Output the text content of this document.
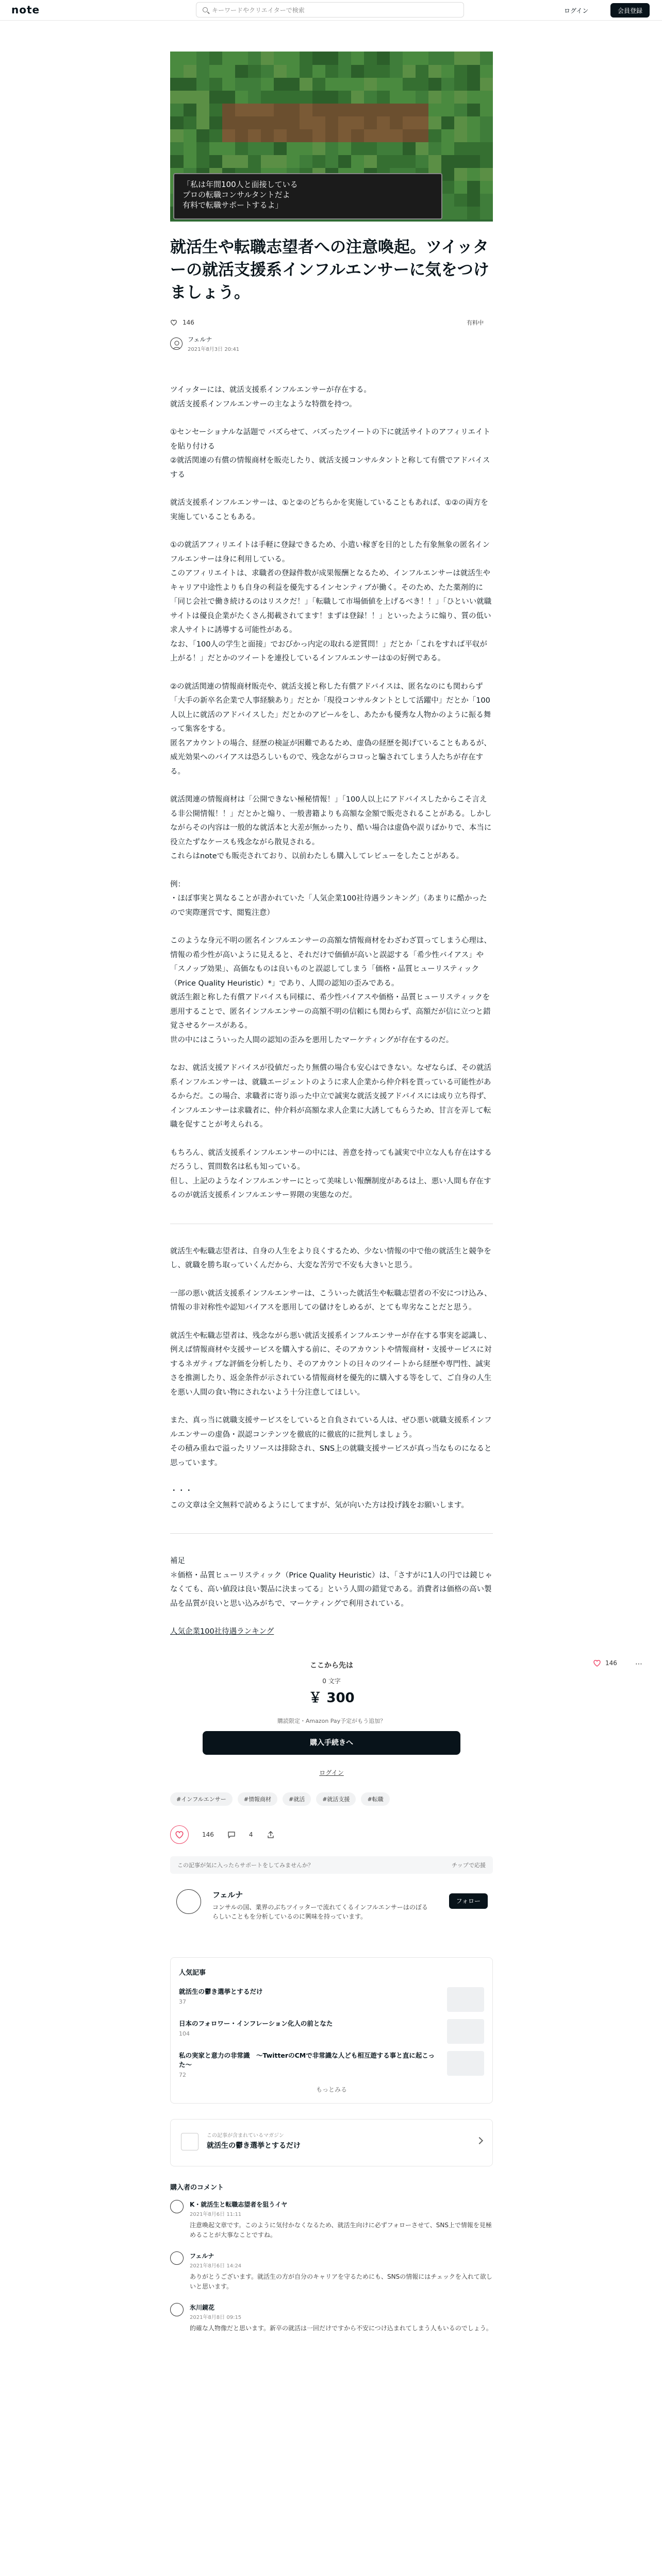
note	キーワードやクリエイターで検索	ログイン	会員登録
「私は年間100人と面接している
プロの転職コンサルタントだよ
有料で転職サポートするよ」
就活生や転職志望者への注意喚起。ツイッターの就活支援系インフルエンサーに気をつけましょう。
146	有料中
フェルナ
2021年8月3日 20:41

ツイッターには、就活支援系インフルエンサーが存在する。
就活支援系インフルエンサーの主なような特徴を持つ。

①センセーショナルな話題で バズらせて、バズったツイートの下に就活サイトのアフィリエイトを貼り付ける
②就活関連の有償の情報商材を販売したり、就活支援コンサルタントと称して有償でアドバイスする

就活支援系インフルエンサーは、①と②のどちらかを実施していることもあれば、①②の両方を実施していることもある。

①の就活アフィリエイトは手軽に登録できるため、小遣い稼ぎを目的とした有象無象の匿名インフルエンサーは身に利用している。
このアフィリエイトは、求職者の登録件数が成果報酬となるため、インフルエンサーは就活生やキャリア中途性よりも自身の利益を優先するインセンティブが働く。そのため、たた薬剤的に「同じ会社で働き続けるのはリスクだ！」「転職して市場価値を上げるべき！！」「ひといい就職サイトは優良企業がたくさん掲載されてます！まずは登録！！」といったように煽り、質の低い求人サイトに誘導する可能性がある。
なお、「100人の学生と面接」でおびかっ内定の取れる逆質問！」だとか「これをすれば平収が上がる！」だとかのツイートを連投しているインフルエンサーは①の好例である。

②の就活関連の情報商材販売や、就活支援と称した有償アドバイスは、匿名なのにも関わらず「大手の新卒名企業で人事経験あり」だとか「現役コンサルタントとして活躍中」だとか「100人以上に就活のアドバイスした」だとかのアピールをし、あたかも優秀な人物かのように振る舞って集客をする。
匿名アカウントの場合、経歴の検証が困難であるため、虚偽の経歴を掲げていることもあるが、威光効果へのバイアスは恐ろしいもので、残念ながらコロっと騙されてしまう人たちが存在する。

就活関連の情報商材は「公開できない極秘情報！」「100人以上にアドバイスしたからこそ言える非公開情報！！」だとかと煽り、一般書籍よりも高額な金額で販売されることがある。しかしながらその内容は一般的な就活本と大差が無かったり、酷い場合は虚偽や誤りばかりで、本当に役立たずなケースも残念ながら散見される。
これらはnoteでも販売されており、以前わたしも購入してレビューをしたことがある。

例：
・ほぼ事実と異なることが書かれていた「人気企業100社待遇ランキング」（あまりに酷かったので実際運営です、閲覧注意）

このような身元不明の匿名インフルエンサーの高額な情報商材をわざわざ買ってしまう心理は、情報の希少性が高いように見えると、それだけで価値が高いと誤認する「希少性バイアス」や「スノッブ効果」、高価なものは良いものと誤認してしまう「価格・品質ヒューリスティック（Price Quality Heuristic）*」であり、人間の認知の歪みである。
就活生銀と称した有償アドバイスも同様に、希少性バイアスや価格・品質ヒューリスティックを悪用することで、匿名インフルエンサーの高額不明の信頼にも関わらず、高額だが信に立つと錯覚させるケースがある。
世の中にはこういった人間の認知の歪みを悪用したマーケティングが存在するのだ。

なお、就活支援アドバイスが役値だったり無償の場合も安心はできない。なぜならば、その就活系インフルエンサーは、就職エージェントのように求人企業から仲介料を貰っている可能性があるからだ。この場合、求職者に寄り添った中立で誠実な就活支援アドバイスには成り立ち得ず、インフルエンサーは求職者に、仲介料が高額な求人企業に大誘してもらうため、甘言を弄して転職を促すことが考えられる。

もちろん、就活支援系インフルエンサーの中には、善意を持っても誠実で中立な人も存在はするだろうし、質問数名は私も知っている。
但し、上記のようなインフルエンサーにとって美味しい報酬制度があるは上、悪い人間も存在するのが就活支援系インフルエンサー界隈の実態なのだ。

就活生や転職志望者は、自身の人生をより良くするため、少ない情報の中で他の就活生と競争をし、就職を勝ち取っていくんだから、大変な苦労で不安も大きいと思う。

一部の悪い就活支援系インフルエンサーは、こういった就活生や転職志望者の不安につけ込み、情報の非対称性や認知バイアスを悪用しての儲けをしめるが、とても卑劣なことだと思う。

就活生や転職志望者は、残念ながら悪い就活支援系インフルエンサーが存在する事実を認識し、例えば情報商材や支援サービスを購入する前に、そのアカウントや情報商材・支援サービスに対するネガティブな評価を分析したり、そのアカウントの日々のツイートから経歴や専門性、誠実さを推測したり、返金条件が示されている情報商材を優先的に購入する等をして、ご自身の人生を悪い人間の食い物にされないよう十分注意してほしい。

また、真っ当に就職支援サービスをしていると自負されている人は、ぜひ悪い就職支援系インフルエンサーの虚偽・誤認コンテンツを徹底的に徹底的に批判しましょう。
その積み重ねで溢ったリソースは排除され、SNS上の就職支援サービスが真っ当なものになると思っています。

・・・
この文章は全文無料で読めるようにしてますが、気が向いた方は投げ銭をお願いします。

補足
＊価格・品質ヒューリスティック（Price Quality Heuristic）は、「さすがに1人の円では鏡じゃなくても、高い値段は良い製品に決まってる」という人間の錯覚である。消費者は価格の高い製品を品質が良いと思い込みがちで、マーケティングで利用されている。

人気企業100社待遇ランキング

ここから先は
0 文字
￥ 300
購読限定・Amazon Pay予定がもう追加？
購入手続きへ
ログイン
#インフルエンサー	#情報商材	#就活	#就活支援	#転職
146	4
この記事が気に入ったらサポートをしてみませんか？	チップで応援
フェルナ
コンサルの国、業界のぶちツイッターで流れてくるインフルエンサーはのぼるらしいこともを分析しているのに興味を持っています。
フォロー
人気記事
就活生の鬱き選挙とするだけ
37
日本のフォロワー・インフレーション化人の前となた
104
私の実家と意力の非常識　～TwitterのCMで非常識な人ども相互遊する事と直に起こった～
72
もっとみる
この記事が含まれているマガジン
就活生の鬱き選挙とするだけ
購入者のコメント
K・就活生と転職志望者を狙うイヤ
2021年8月6日 11:11
注意喚起文章です。このように気付かなくなるため、就活生向けに必ずフォローさせて、SNS上で情報を見極めることが大事なことですね。
フェルナ
2021年8月6日 14:24
ありがとうございます。就活生の方が自分のキャリアを守るためにも、SNSの情報にはチェックを入れて欲しいと思います。
氷川鏡花
2021年8月8日 09:15
的確な人物像だと思います。新卒の就活は一回だけですから不安につけ込まれてしまう人もいるのでしょう。
146	⋯
